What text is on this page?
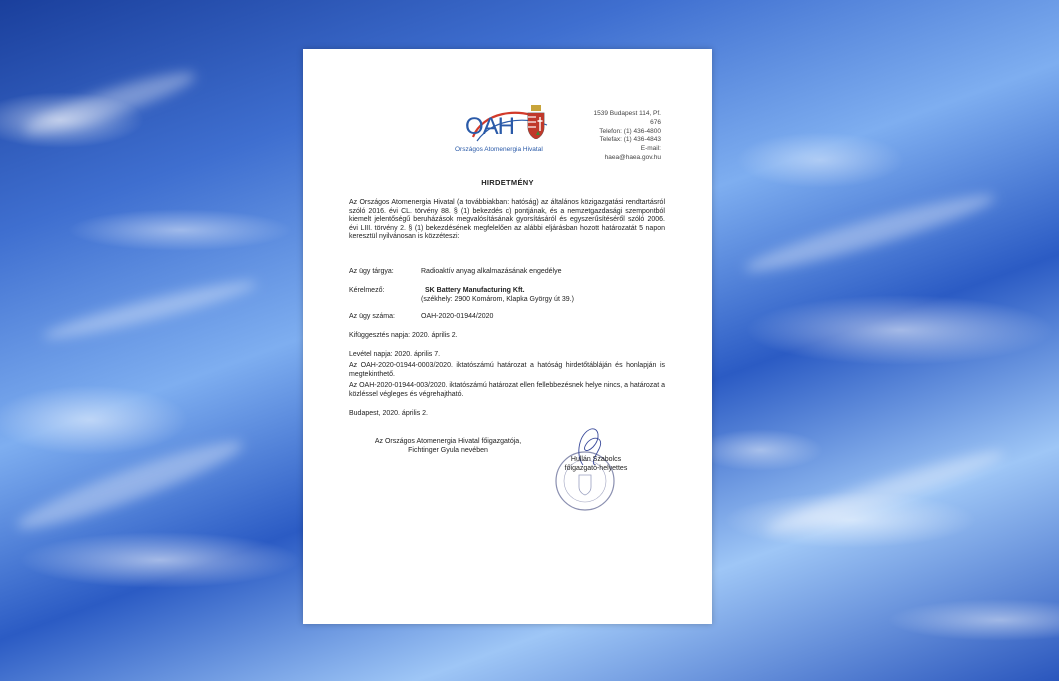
OAH
Országos Atomenergia Hivatal
1539 Budapest 114, Pf.
676
Telefon: (1) 436-4800
Telefax: (1) 436-4843
E-mail:
haea@haea.gov.hu
HIRDETMÉNY
Az Országos Atomenergia Hivatal (a továbbiakban: hatóság) az általános közigazgatási rendtartásról szóló 2016. évi CL. törvény 88. § (1) bekezdés c) pontjának, és a nemzetgazdasági szempontból kiemelt jelentőségű beruházások megvalósításának gyorsításáról és egyszerűsítéséről szóló 2006. évi LIII. törvény 2. § (1) bekezdésének megfelelően az alábbi eljárásban hozott határozatát 5 napon keresztül nyilvánosan is közzéteszi:
Az ügy tárgya:	Radioaktív anyag alkalmazásának engedélye
Kérelmező:	SK Battery Manufacturing Kft.
(székhely: 2900 Komárom, Klapka György út 39.)
Az ügy száma:	OAH-2020-01944/2020
Kifüggesztés napja: 2020. április 2.
Levétel napja: 2020. április 7.
Az OAH-2020-01944-0003/2020. iktatószámú határozat a hatóság hirdetőtábláján és honlapján is megtekinthető.
Az OAH-2020-01944-003/2020. iktatószámú határozat ellen fellebbezésnek helye nincs, a határozat a közléssel végleges és végrehajtható.
Budapest, 2020. április 2.
Az Országos Atomenergia Hivatal főigazgatója,
Fichtinger Gyula nevében
Hullán Szabolcs
főigazgató-helyettes
